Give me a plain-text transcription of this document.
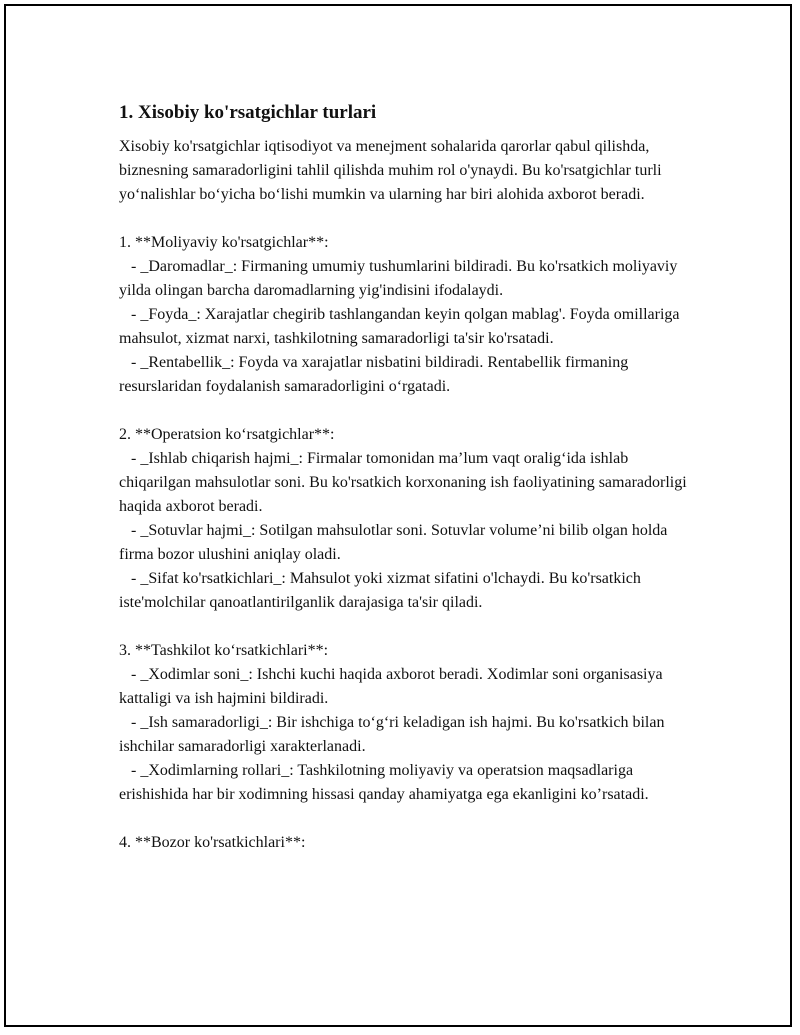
1. Xisobiy ko'rsatgichlar turlari
Xisobiy ko'rsatgichlar iqtisodiyot va menejment sohalarida qarorlar qabul qilishda, biznesning samaradorligini tahlil qilishda muhim rol o'ynaydi. Bu ko'rsatgichlar turli yo‘nalishlar bo‘yicha bo‘lishi mumkin va ularning har biri alohida axborot beradi.
1. **Moliyaviy ko'rsatgichlar**:
- _Daromadlar_: Firmaning umumiy tushumlarini bildiradi. Bu ko'rsatkich moliyaviy yilda olingan barcha daromadlarning yig'indisini ifodalaydi.
- _Foyda_: Xarajatlar chegirib tashlangandan keyin qolgan mablag'. Foyda omillariga mahsulot, xizmat narxi, tashkilotning samaradorligi ta'sir ko'rsatadi.
- _Rentabellik_: Foyda va xarajatlar nisbatini bildiradi. Rentabellik firmaning resurslaridan foydalanish samaradorligini o‘rgatadi.
2. **Operatsion ko‘rsatgichlar**:
- _Ishlab chiqarish hajmi_: Firmalar tomonidan ma’lum vaqt oralig‘ida ishlab chiqarilgan mahsulotlar soni. Bu ko'rsatkich korxonaning ish faoliyatining samaradorligi haqida axborot beradi.
- _Sotuvlar hajmi_: Sotilgan mahsulotlar soni. Sotuvlar volume’ni bilib olgan holda firma bozor ulushini aniqlay oladi.
- _Sifat ko'rsatkichlari_: Mahsulot yoki xizmat sifatini o'lchaydi. Bu ko'rsatkich iste'molchilar qanoatlantirilganlik darajasiga ta'sir qiladi.
3. **Tashkilot ko‘rsatkichlari**:
- _Xodimlar soni_: Ishchi kuchi haqida axborot beradi. Xodimlar soni organisasiya kattaligi va ish hajmini bildiradi.
- _Ish samaradorligi_: Bir ishchiga to‘g‘ri keladigan ish hajmi. Bu ko'rsatkich bilan ishchilar samaradorligi xarakterlanadi.
- _Xodimlarning rollari_: Tashkilotning moliyaviy va operatsion maqsadlariga erishishida har bir xodimning hissasi qanday ahamiyatga ega ekanligini ko’rsatadi.
4. **Bozor ko'rsatkichlari**:
